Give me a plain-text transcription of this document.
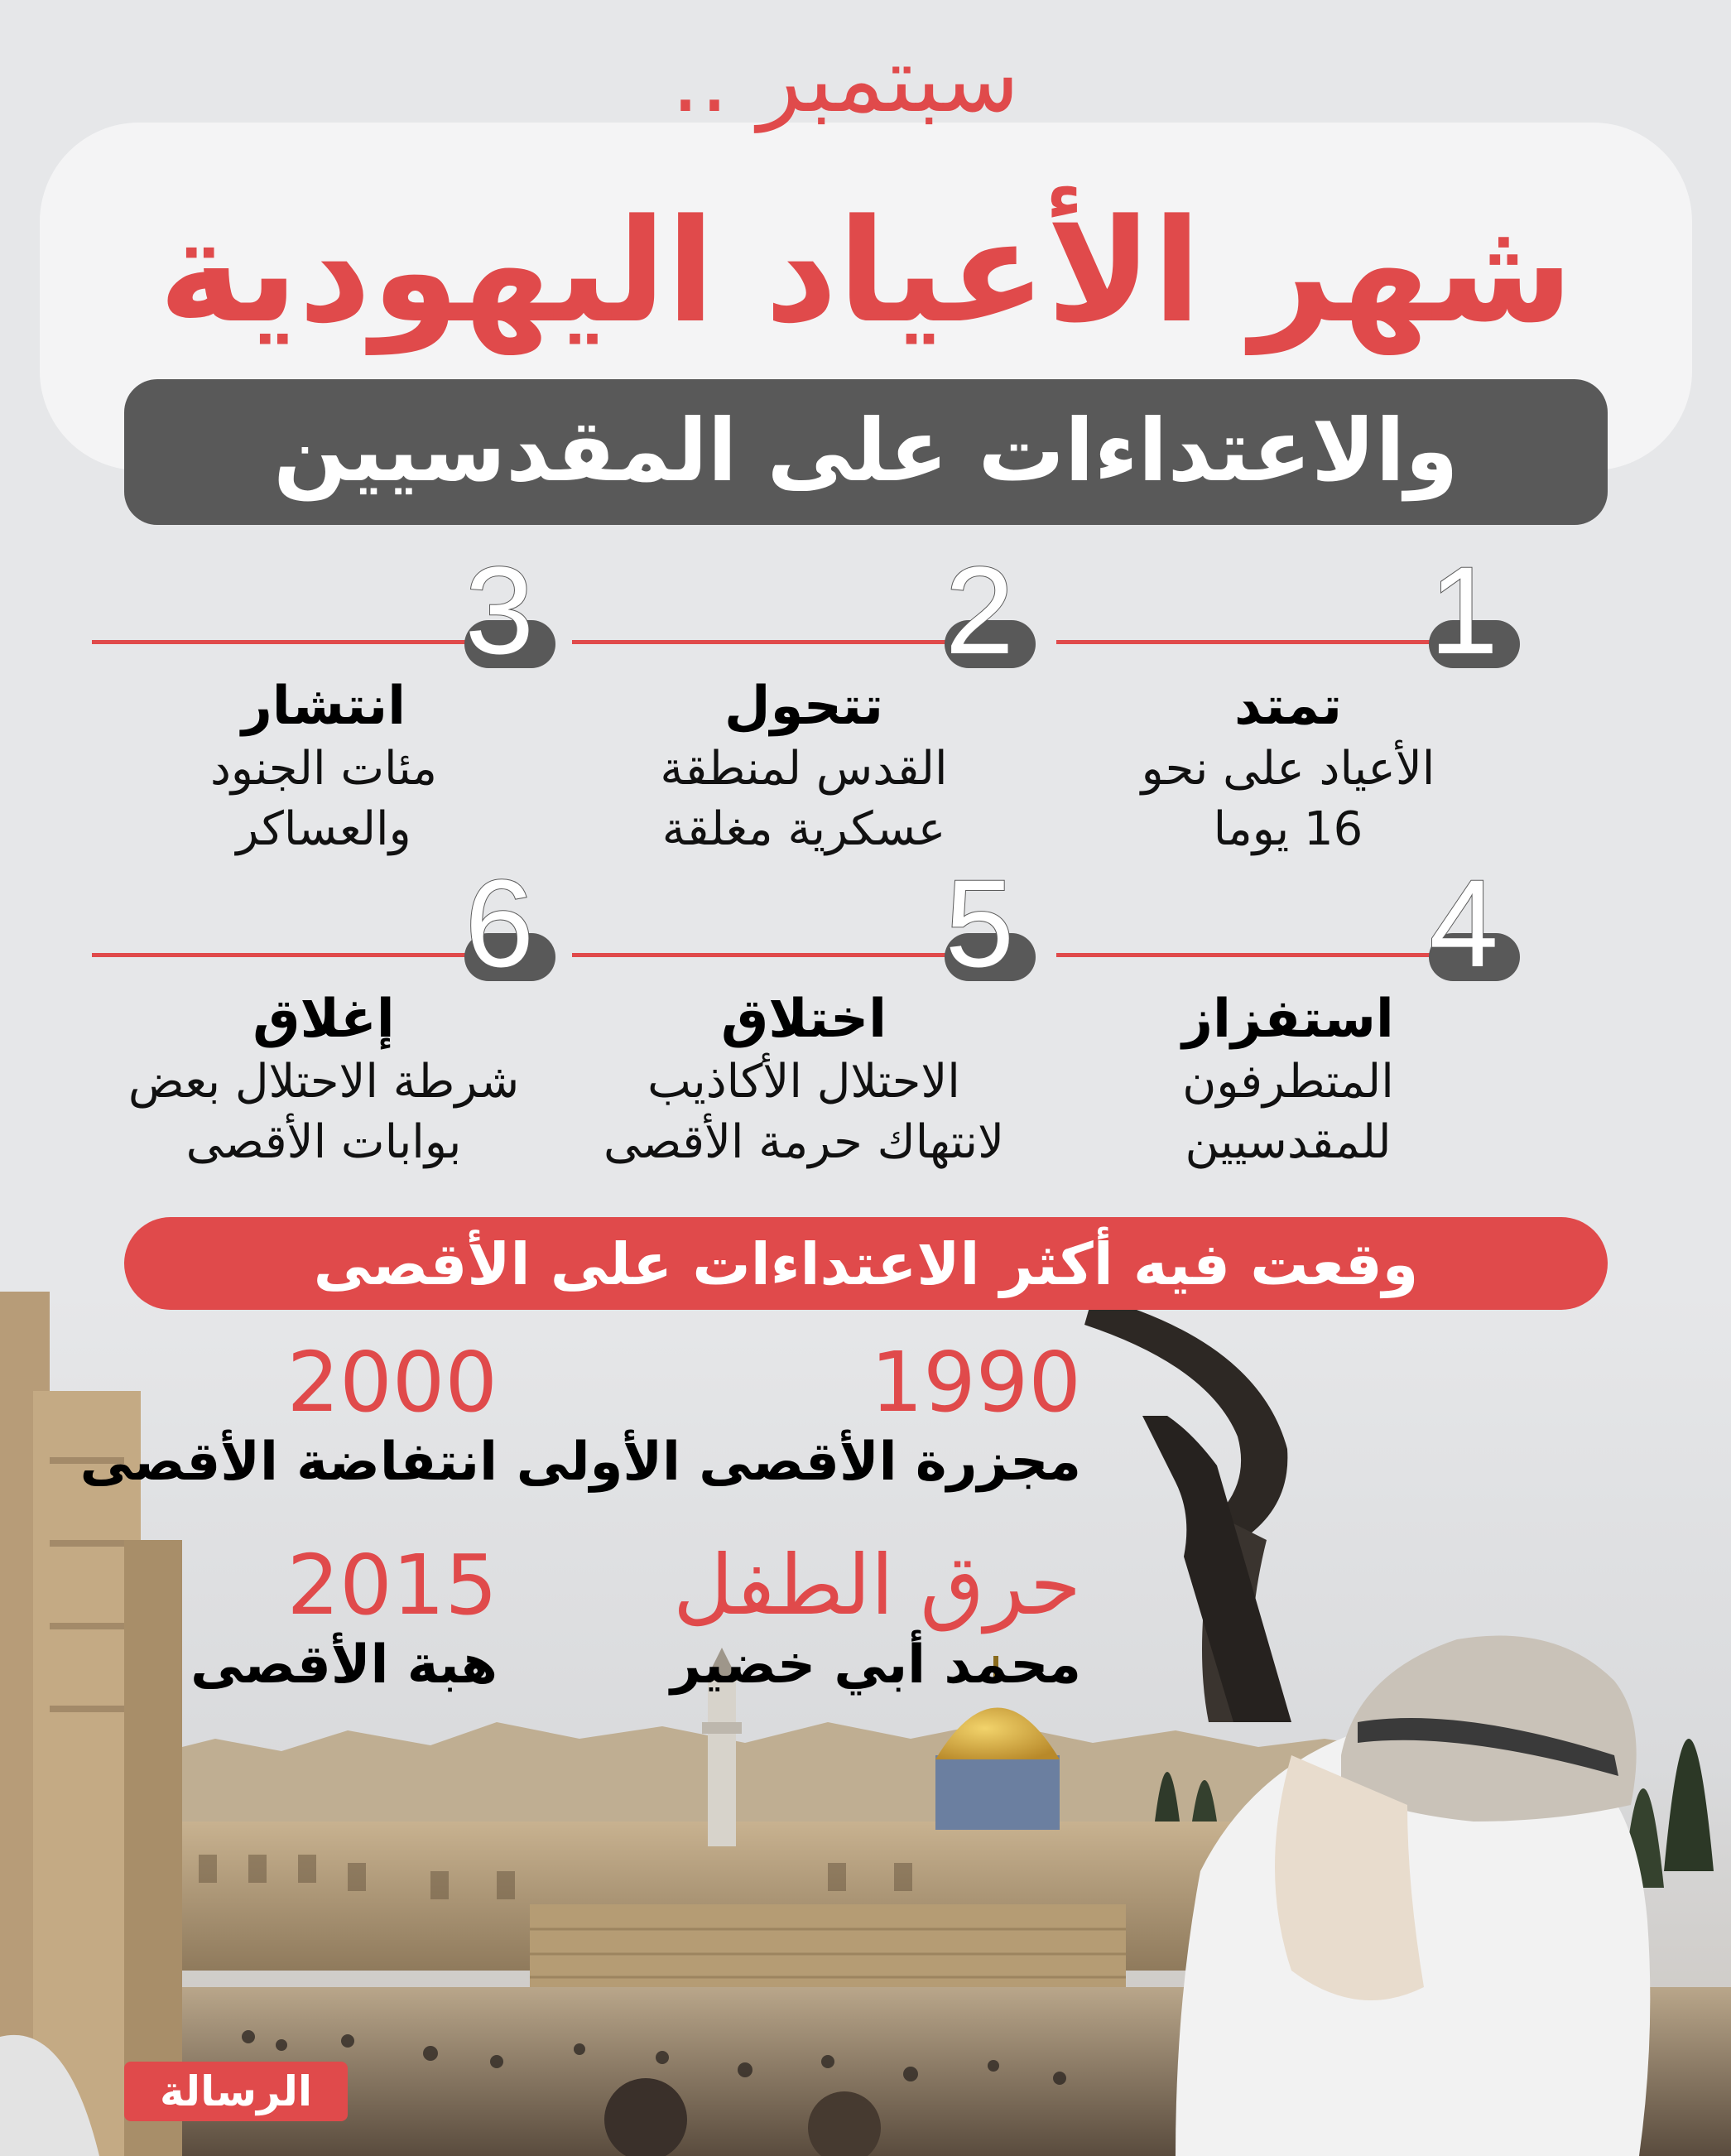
سبتمبر ..
شهر الأعياد اليهودية
والاعتداءات على المقدسيين
1
تمتد
الأعياد على نحو
16 يوما
2
تتحول
القدس لمنطقة
عسكرية مغلقة
3
انتشار
مئات الجنود
والعساكر
4
استفزاز
المتطرفون
للمقدسيين
5
اختلاق
الاحتلال الأكاذيب
لانتهاك حرمة الأقصى
6
إغلاق
شرطة الاحتلال بعض
بوابات الأقصى
وقعت فيه أكثر الاعتداءات على الأقصى
1990
مجزرة الأقصى الأولى
2000
انتفاضة الأقصى
حرق الطفل
محمد أبي خضير
2015
هبة الأقصى
الرسالة
